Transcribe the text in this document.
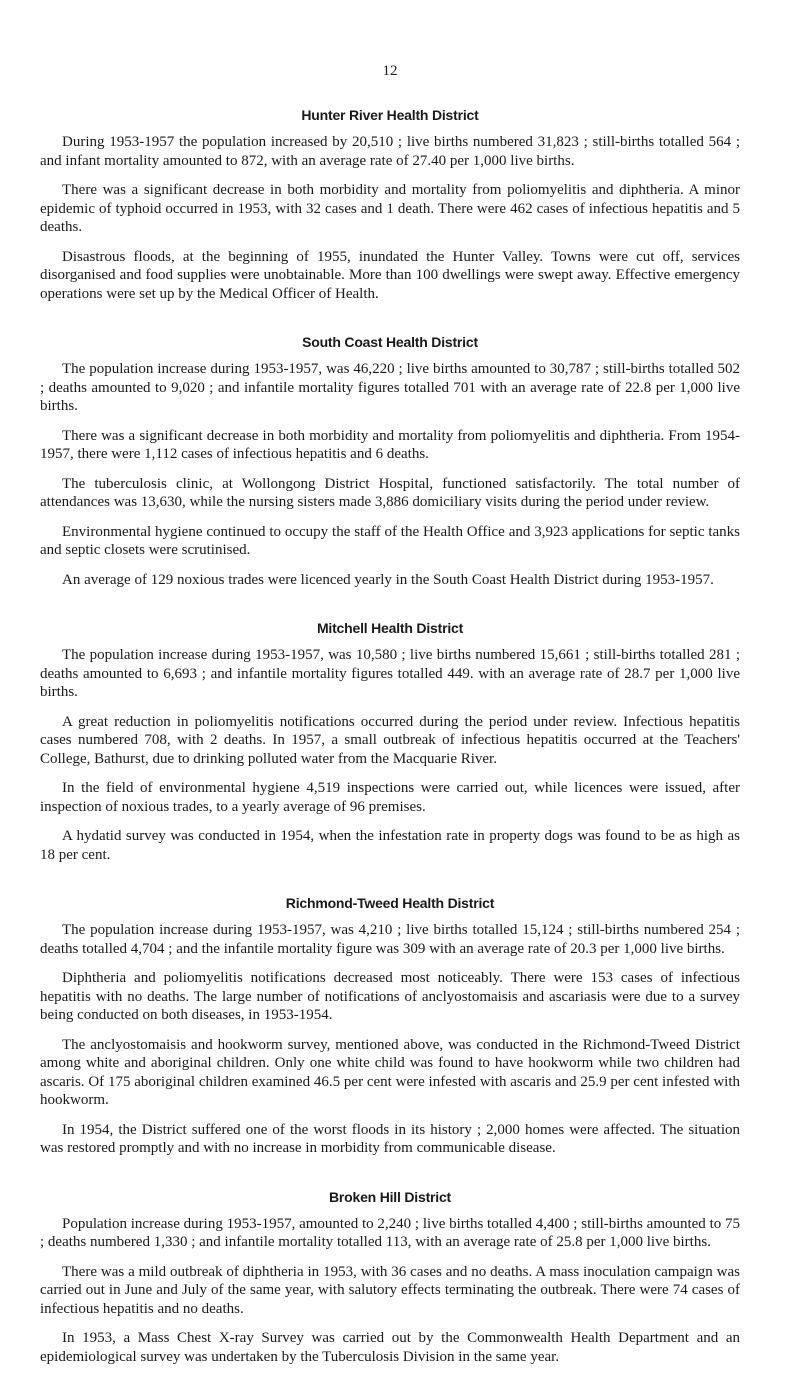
12
Hunter River Health District

During 1953-1957 the population increased by 20,510 ; live births numbered 31,823 ; still-births totalled 564 ; and infant mortality amounted to 872, with an average rate of 27.40 per 1,000 live births.

There was a significant decrease in both morbidity and mortality from poliomyelitis and diphtheria. A minor epidemic of typhoid occurred in 1953, with 32 cases and 1 death. There were 462 cases of infectious hepatitis and 5 deaths.

Disastrous floods, at the beginning of 1955, inundated the Hunter Valley. Towns were cut off, services disorganised and food supplies were unobtainable. More than 100 dwellings were swept away. Effective emergency operations were set up by the Medical Officer of Health.

South Coast Health District

The population increase during 1953-1957, was 46,220 ; live births amounted to 30,787 ; still-births totalled 502 ; deaths amounted to 9,020 ; and infantile mortality figures totalled 701 with an average rate of 22.8 per 1,000 live births.

There was a significant decrease in both morbidity and mortality from poliomyelitis and diphtheria. From 1954-1957, there were 1,112 cases of infectious hepatitis and 6 deaths.

The tuberculosis clinic, at Wollongong District Hospital, functioned satisfactorily. The total number of attendances was 13,630, while the nursing sisters made 3,886 domiciliary visits during the period under review.

Environmental hygiene continued to occupy the staff of the Health Office and 3,923 applications for septic tanks and septic closets were scrutinised.

An average of 129 noxious trades were licenced yearly in the South Coast Health District during 1953-1957.

Mitchell Health District

The population increase during 1953-1957, was 10,580 ; live births numbered 15,661 ; still-births totalled 281 ; deaths amounted to 6,693 ; and infantile mortality figures totalled 449. with an average rate of 28.7 per 1,000 live births.

A great reduction in poliomyelitis notifications occurred during the period under review. Infectious hepatitis cases numbered 708, with 2 deaths. In 1957, a small outbreak of infectious hepatitis occurred at the Teachers' College, Bathurst, due to drinking polluted water from the Macquarie River.

In the field of environmental hygiene 4,519 inspections were carried out, while licences were issued, after inspection of noxious trades, to a yearly average of 96 premises.

A hydatid survey was conducted in 1954, when the infestation rate in property dogs was found to be as high as 18 per cent.

Richmond-Tweed Health District

The population increase during 1953-1957, was 4,210 ; live births totalled 15,124 ; still-births numbered 254 ; deaths totalled 4,704 ; and the infantile mortality figure was 309 with an average rate of 20.3 per 1,000 live births.

Diphtheria and poliomyelitis notifications decreased most noticeably. There were 153 cases of infectious hepatitis with no deaths. The large number of notifications of anclyostomaisis and ascariasis were due to a survey being conducted on both diseases, in 1953-1954.

The anclyostomaisis and hookworm survey, mentioned above, was conducted in the Richmond-Tweed District among white and aboriginal children. Only one white child was found to have hookworm while two children had ascaris. Of 175 aboriginal children examined 46.5 per cent were infested with ascaris and 25.9 per cent infested with hookworm.

In 1954, the District suffered one of the worst floods in its history ; 2,000 homes were affected. The situation was restored promptly and with no increase in morbidity from communicable disease.

Broken Hill District

Population increase during 1953-1957, amounted to 2,240 ; live births totalled 4,400 ; still-births amounted to 75 ; deaths numbered 1,330 ; and infantile mortality totalled 113, with an average rate of 25.8 per 1,000 live births.

There was a mild outbreak of diphtheria in 1953, with 36 cases and no deaths. A mass inoculation campaign was carried out in June and July of the same year, with salutory effects terminating the outbreak. There were 74 cases of infectious hepatitis and no deaths.

In 1953, a Mass Chest X-ray Survey was carried out by the Commonwealth Health Department and an epidemiological survey was undertaken by the Tuberculosis Division in the same year.
